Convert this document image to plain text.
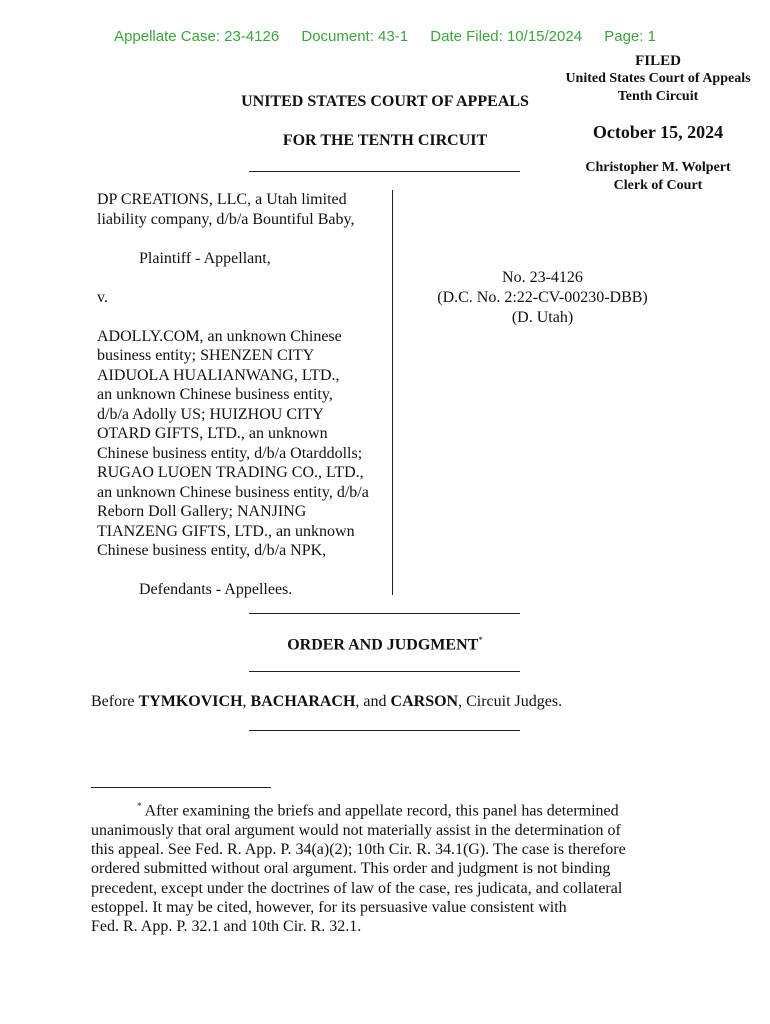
Appellate Case: 23-4126 Document: 43-1 Date Filed: 10/15/2024 Page: 1
FILED
United States Court of Appeals
Tenth Circuit
October 15, 2024
Christopher M. Wolpert
Clerk of Court
UNITED STATES COURT OF APPEALS
FOR THE TENTH CIRCUIT

DP CREATIONS, LLC, a Utah limited

liability company, d/b/a Bountiful Baby,

Plaintiff - Appellant,

v.

ADOLLY.COM, an unknown Chinese

business entity; SHENZEN CITY

AIDUOLA HUALIANWANG, LTD.,

an unknown Chinese business entity,

d/b/a Adolly US; HUIZHOU CITY

OTARD GIFTS, LTD., an unknown

Chinese business entity, d/b/a Otarddolls;

RUGAO LUOEN TRADING CO., LTD.,

an unknown Chinese business entity, d/b/a

Reborn Doll Gallery; NANJING

TIANZENG GIFTS, LTD., an unknown

Chinese business entity, d/b/a NPK,

Defendants - Appellees.

No. 23-4126
(D.C. No. 2:22-CV-00230-DBB)
(D. Utah)
ORDER AND JUDGMENT*
Before TYMKOVICH, BACHARACH, and CARSON, Circuit Judges.
* After examining the briefs and appellate record, this panel has determined
unanimously that oral argument would not materially assist in the determination of
this appeal. See Fed. R. App. P. 34(a)(2); 10th Cir. R. 34.1(G). The case is therefore
ordered submitted without oral argument. This order and judgment is not binding
precedent, except under the doctrines of law of the case, res judicata, and collateral
estoppel. It may be cited, however, for its persuasive value consistent with
Fed. R. App. P. 32.1 and 10th Cir. R. 32.1.
